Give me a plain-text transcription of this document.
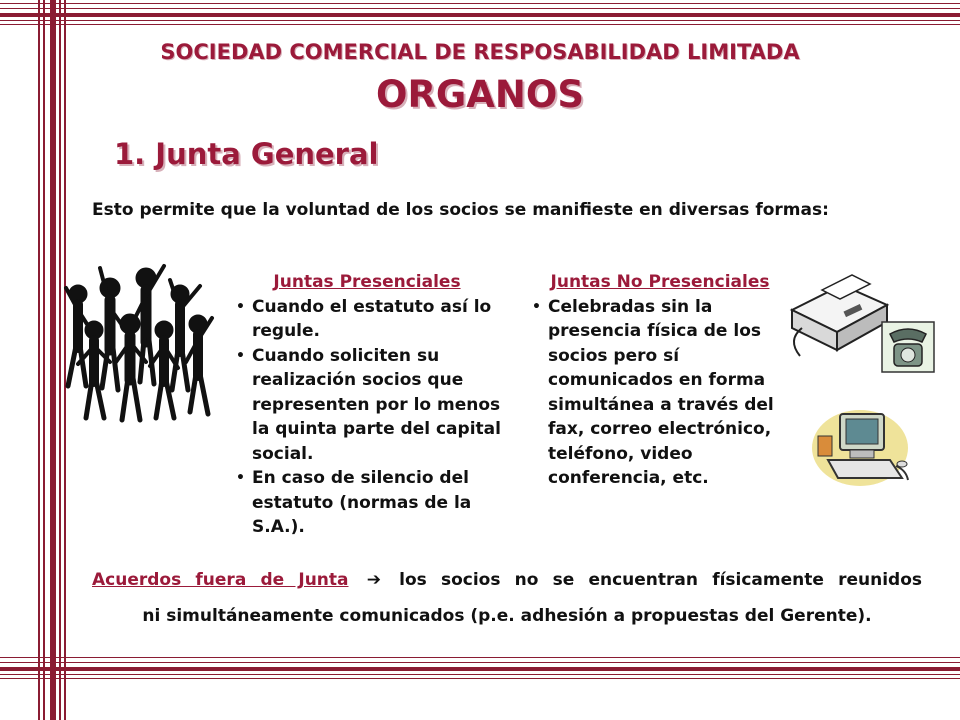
SOCIEDAD COMERCIAL DE RESPOSABILIDAD LIMITADA
ORGANOS
1. Junta General
Esto permite que la voluntad de los socios se manifieste en diversas formas:
Juntas Presenciales
• Cuando el estatuto así lo regule.
• Cuando soliciten su realización socios que representen por lo menos la quinta parte del capital social.
• En caso de silencio del estatuto (normas de la S.A.).
Juntas No Presenciales
• Celebradas sin la presencia física de los socios pero sí comunicados en forma simultánea a través del fax, correo electrónico, teléfono, video conferencia, etc.
Acuerdos fuera de Junta ➔ los socios no se encuentran físicamente reunidos
ni simultáneamente comunicados (p.e. adhesión a propuestas del Gerente).
